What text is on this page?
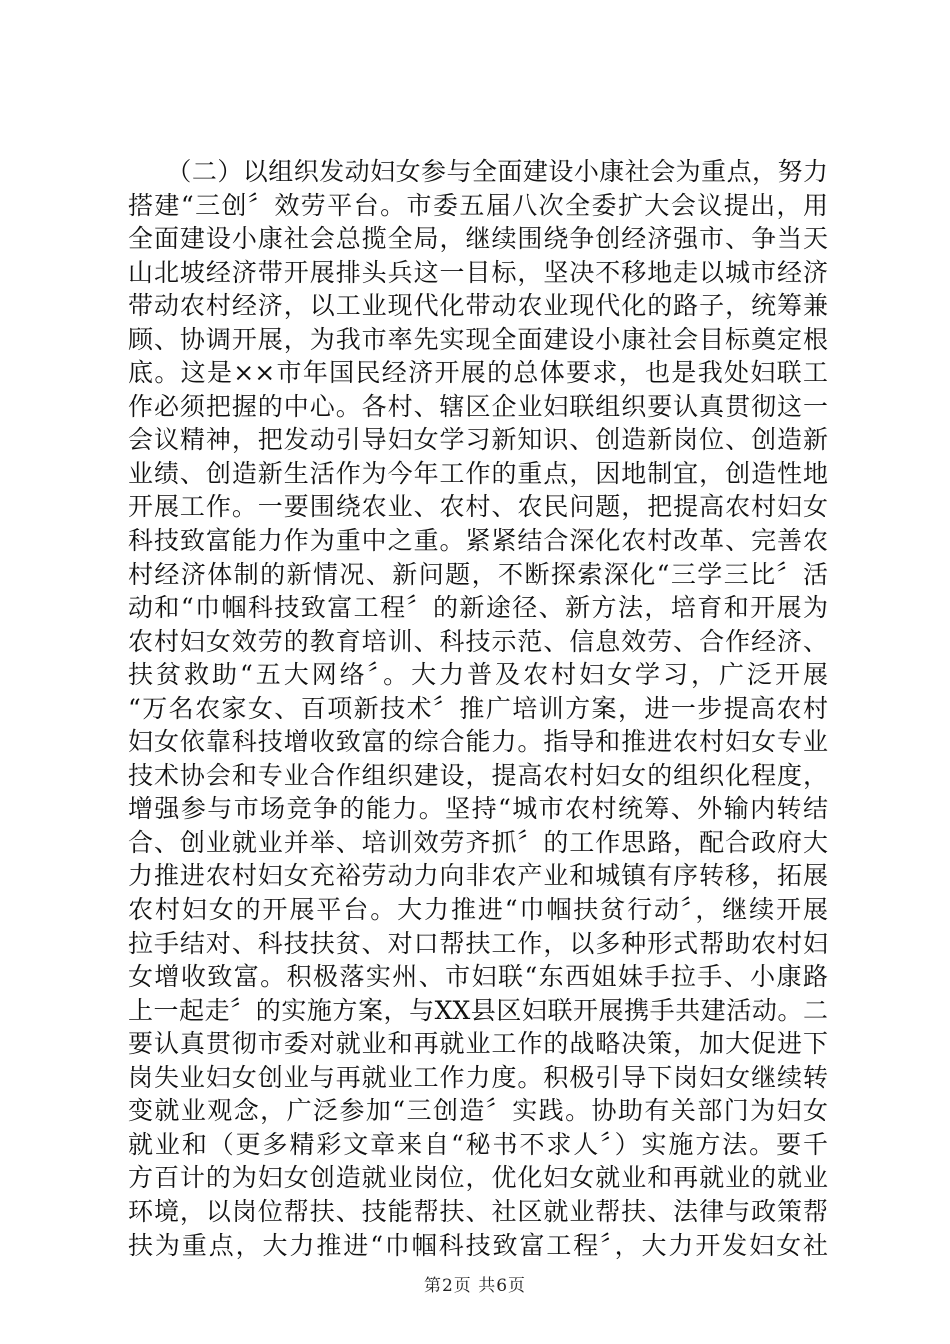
　　（二）以组织发动妇女参与全面建设小康社会为重点，努力
搭建“三创〞效劳平台。市委五届八次全委扩大会议提出，用
全面建设小康社会总揽全局，继续围绕争创经济强市、争当天
山北坡经济带开展排头兵这一目标，坚决不移地走以城市经济
带动农村经济，以工业现代化带动农业现代化的路子，统筹兼
顾、协调开展，为我市率先实现全面建设小康社会目标奠定根
底。这是××市年国民经济开展的总体要求，也是我处妇联工
作必须把握的中心。各村、辖区企业妇联组织要认真贯彻这一
会议精神，把发动引导妇女学习新知识、创造新岗位、创造新
业绩、创造新生活作为今年工作的重点，因地制宜，创造性地
开展工作。一要围绕农业、农村、农民问题，把提高农村妇女
科技致富能力作为重中之重。紧紧结合深化农村改革、完善农
村经济体制的新情况、新问题，不断探索深化“三学三比〞活
动和“巾帼科技致富工程〞的新途径、新方法，培育和开展为
农村妇女效劳的教育培训、科技示范、信息效劳、合作经济、
扶贫救助“五大网络〞。大力普及农村妇女学习，广泛开展
“万名农家女、百项新技术〞推广培训方案，进一步提高农村
妇女依靠科技增收致富的综合能力。指导和推进农村妇女专业
技术协会和专业合作组织建设，提高农村妇女的组织化程度，
增强参与市场竞争的能力。坚持“城市农村统筹、外输内转结
合、创业就业并举、培训效劳齐抓〞的工作思路，配合政府大
力推进农村妇女充裕劳动力向非农产业和城镇有序转移，拓展
农村妇女的开展平台。大力推进“巾帼扶贫行动〞，继续开展
拉手结对、科技扶贫、对口帮扶工作，以多种形式帮助农村妇
女增收致富。积极落实州、市妇联“东西姐妹手拉手、小康路
上一起走〞的实施方案，与XX县区妇联开展携手共建活动。二
要认真贯彻市委对就业和再就业工作的战略决策，加大促进下
岗失业妇女创业与再就业工作力度。积极引导下岗妇女继续转
变就业观念，广泛参加“三创造〞实践。协助有关部门为妇女
就业和（更多精彩文章来自“秘书不求人〞）实施方法。要千
方百计的为妇女创造就业岗位，优化妇女就业和再就业的就业
环境，以岗位帮扶、技能帮扶、社区就业帮扶、法律与政策帮
扶为重点，大力推进“巾帼科技致富工程〞，大力开发妇女社
第2页 共6页
